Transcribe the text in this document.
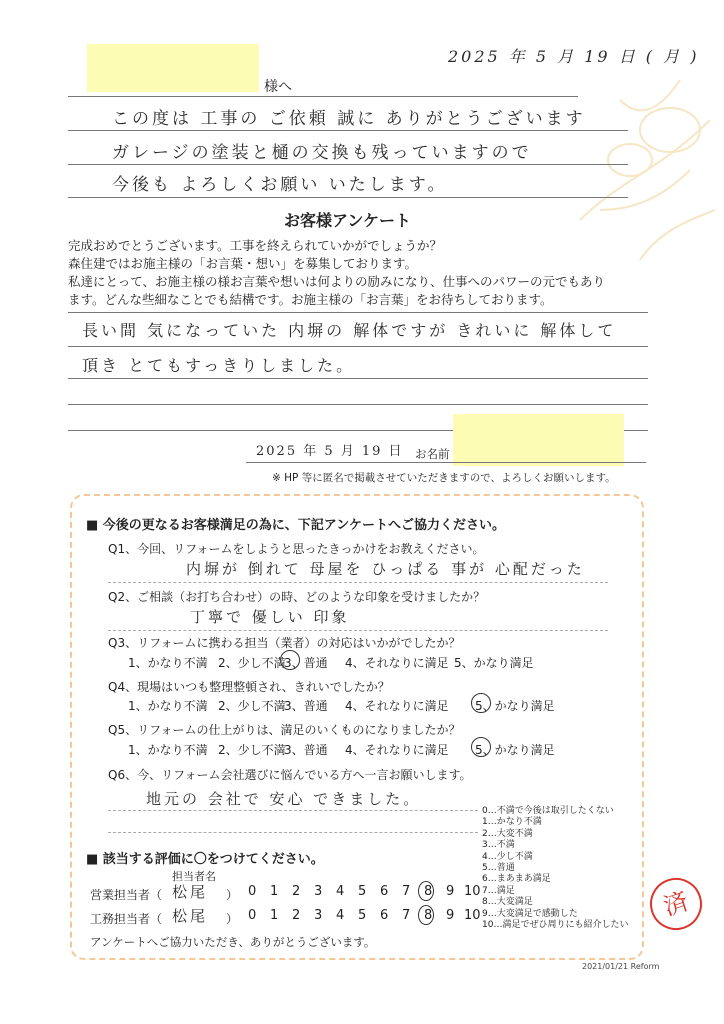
2025 年 5 月 19 日 ( 月 )
様へ
この度は 工事の ご依頼 誠に ありがとうございます
ガレージの塗装と樋の交換も残っていますので
今後も よろしくお願い いたします。
お客様アンケート
完成おめでとうございます。工事を終えられていかがでしょうか？
森住建ではお施主様の「お言葉・想い」を募集しております。
私達にとって、お施主様の様お言葉や想いは何よりの励みになり、仕事へのパワーの元でもあり
ます。どんな些細なことでも結構です。お施主様の「お言葉」をお待ちしております。
長い間 気になっていた 内塀の 解体ですが きれいに 解体して
頂き とてもすっきりしました。
2025 年 5 月 19 日 お名前
※ HP 等に匿名で掲載させていただきますので、よろしくお願いします。
■ 今後の更なるお客様満足の為に、下記アンケートへご協力ください。
Q1、今回、リフォームをしようと思ったきっかけをお教えください。
内塀が 倒れて 母屋を ひっぱる 事が 心配だった
Q2、ご相談（お打ち合わせ）の時、どのような印象を受けましたか？
丁寧で 優しい 印象
Q3、リフォームに携わる担当（業者）の対応はいかがでしたか？
1、かなり不満 2、少し不満
3、普通 4、それなりに満足 5、かなり満足
Q4、現場はいつも整理整頓され、きれいでしたか？
1、かなり不満 2、少し不満
3、普通 4、それなりに満足 5、かなり満足
Q5、リフォームの仕上がりは、満足のいくものになりましたか？
1、かなり不満 2、少し不満
3、普通 4、それなりに満足 5、かなり満足
Q6、今、リフォーム会社選びに悩んでいる方へ一言お願いします。
地元の 会社で 安心 できました。
0…不満で今後は取引したくない
1…かなり不満
2…大変不満
3…不満
4…少し不満
5…普通
6…まあまあ満足
7…満足
8…大変満足
9…大変満足で感動した
10…満足でぜひ周りにも紹介したい
■ 該当する評価に〇をつけてください。
担当者名
営業担当者（ 松尾 ） 0 1 2 3 4 5 6 7 8 9 10
工務担当者（ 松尾 ） 0 1 2 3 4 5 6 7 8 9 10
アンケートへご協力いただき、ありがとうございます。
済
2021/01/21 Reform
